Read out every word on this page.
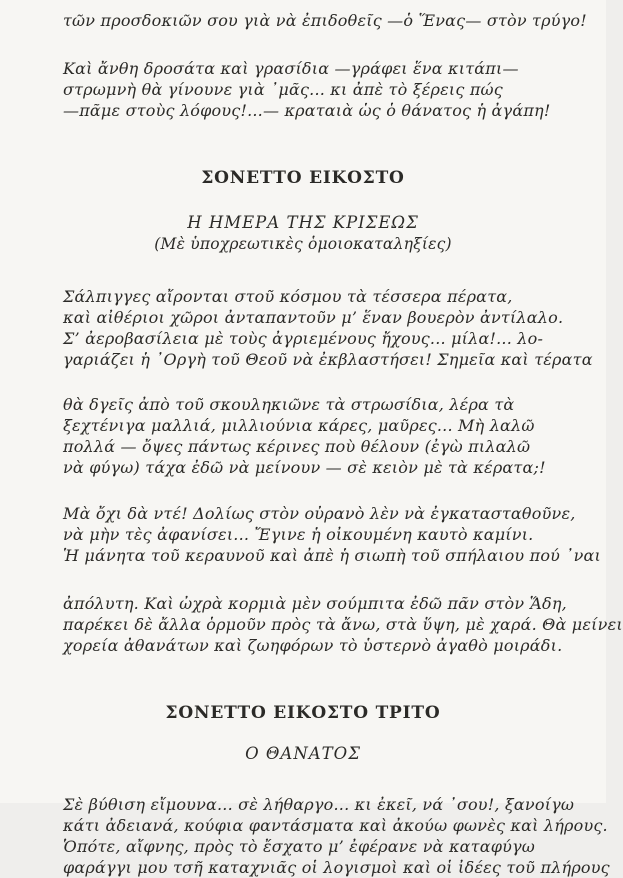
τῶν προσδοκιῶν σου γιὰ νὰ ἐπιδοθεῖς —ὁ Ἕνας— στὸν τρύγο!
Καὶ ἄνθη δροσάτα καὶ γρασίδια —γράφει ἕνα κιτάπι—
στρωμνὴ θὰ γίνουνε γιὰ ᾽μᾶς... κι ἀπὲ τὸ ξέρεις πώς
—πᾶμε στοὺς λόφους!...— κραταιὰ ὡς ὁ θάνατος ἡ ἀγάπη!
ΣΟΝΕΤΤΟ ΕΙΚΟΣΤΟ
Η ΗΜΕΡΑ ΤΗΣ ΚΡΙΣΕΩΣ
(Μὲ ὑποχρεωτικὲς ὁμοιοκαταληξίες)
Σάλπιγγες αἴρονται στοῦ κόσμου τὰ τέσσερα πέρατα,
καὶ αἰθέριοι χῶροι ἀνταπαντοῦν μ’ ἕναν βουερὸν ἀντίλαλο.
Σ’ ἀεροβασίλεια μὲ τοὺς ἀγριεμένους ἤχους... μίλα!... λο-
γαριάζει ἡ ᾽Οργὴ τοῦ Θεοῦ νὰ ἐκβλαστήσει! Σημεῖα καὶ τέρατα
θὰ δγεῖς ἀπὸ τοῦ σκουληκιῶνε τὰ στρωσίδια, λέρα τὰ
ξεχτένιγα μαλλιά, μιλλιούνια κάρες, μαῦρες... Μὴ λαλῶ
πολλά — ὄψες πάντως κέρινες ποὺ θέλουν (ἐγὼ πιλαλῶ
νὰ φύγω) τάχα ἐδῶ νὰ μείνουν — σὲ κειὸν μὲ τὰ κέρατα;!
Μὰ ὄχι δὰ ντέ! Δολίως στὸν οὐρανὸ λὲν νὰ ἐγκατασταθοῦνε,
νὰ μὴν τὲς ἀφανίσει... Ἔγινε ἡ οἰκουμένη καυτὸ καμίνι.
Ἡ μάνητα τοῦ κεραυνοῦ καὶ ἀπὲ ἡ σιωπὴ τοῦ σπήλαιου πού ᾽ναι
ἀπόλυτη. Καὶ ὠχρὰ κορμιὰ μὲν σούμπιτα ἐδῶ πᾶν στὸν Ἅδη,
παρέκει δὲ ἄλλα ὁρμοῦν πρὸς τὰ ἄνω, στὰ ὕψη, μὲ χαρά. Θὰ μείνει
χορεία ἀθανάτων καὶ ζωηφόρων τὸ ὑστερνὸ ἀγαθὸ μοιράδι.
ΣΟΝΕΤΤΟ ΕΙΚΟΣΤΟ ΤΡΙΤΟ
Ο ΘΑΝΑΤΟΣ
Σὲ βύθιση εἴμουνα... σὲ λήθαργο... κι ἐκεῖ, νά ᾽σου!, ξανοίγω
κάτι ἀδειανά, κούφια φαντάσματα καὶ ἀκούω φωνὲς καὶ λήρους.
Ὁπότε, αἴφνης, πρὸς τὸ ἔσχατο μ’ ἐφέρανε νὰ καταφύγω
φαράγγι μου τσῆ καταχνιᾶς οἱ λογισμοὶ καὶ οἱ ἰδέες τοῦ πλήρους
